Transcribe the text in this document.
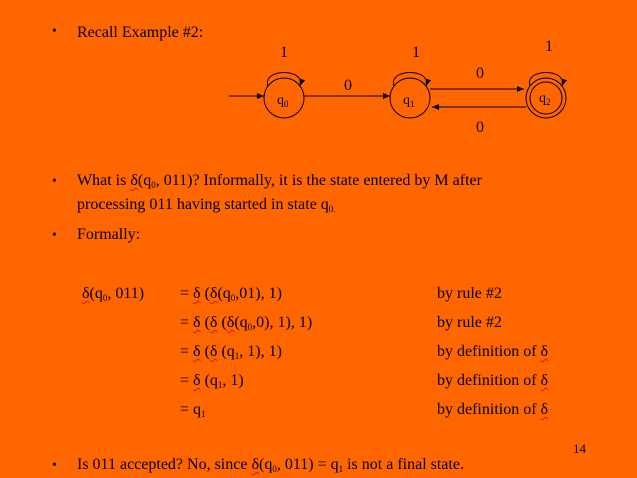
• Recall Example #2:
$q_0$
1
0
$q_1$
1
0
0
$q_2$
1
• What is $\delta(q_0$, 011)? Informally, it is the state entered by M after
processing 011 having started in state $q_{0.}$
• Formally:
$\delta(q_0$, 011) = δ ($\delta(q_0,01)$, 1)	by rule #2
= δ (δ ($\delta(q_0,0)$, 1), 1)	by rule #2
= δ (δ ($q_1$, 1), 1)	by definition of δ
= δ ($q_1$, 1)	by definition of δ
= $q_1$	by definition of δ
14
• Is 011 accepted? No, since $\delta(q_0$, $011) = q_1$ is not a final state.
